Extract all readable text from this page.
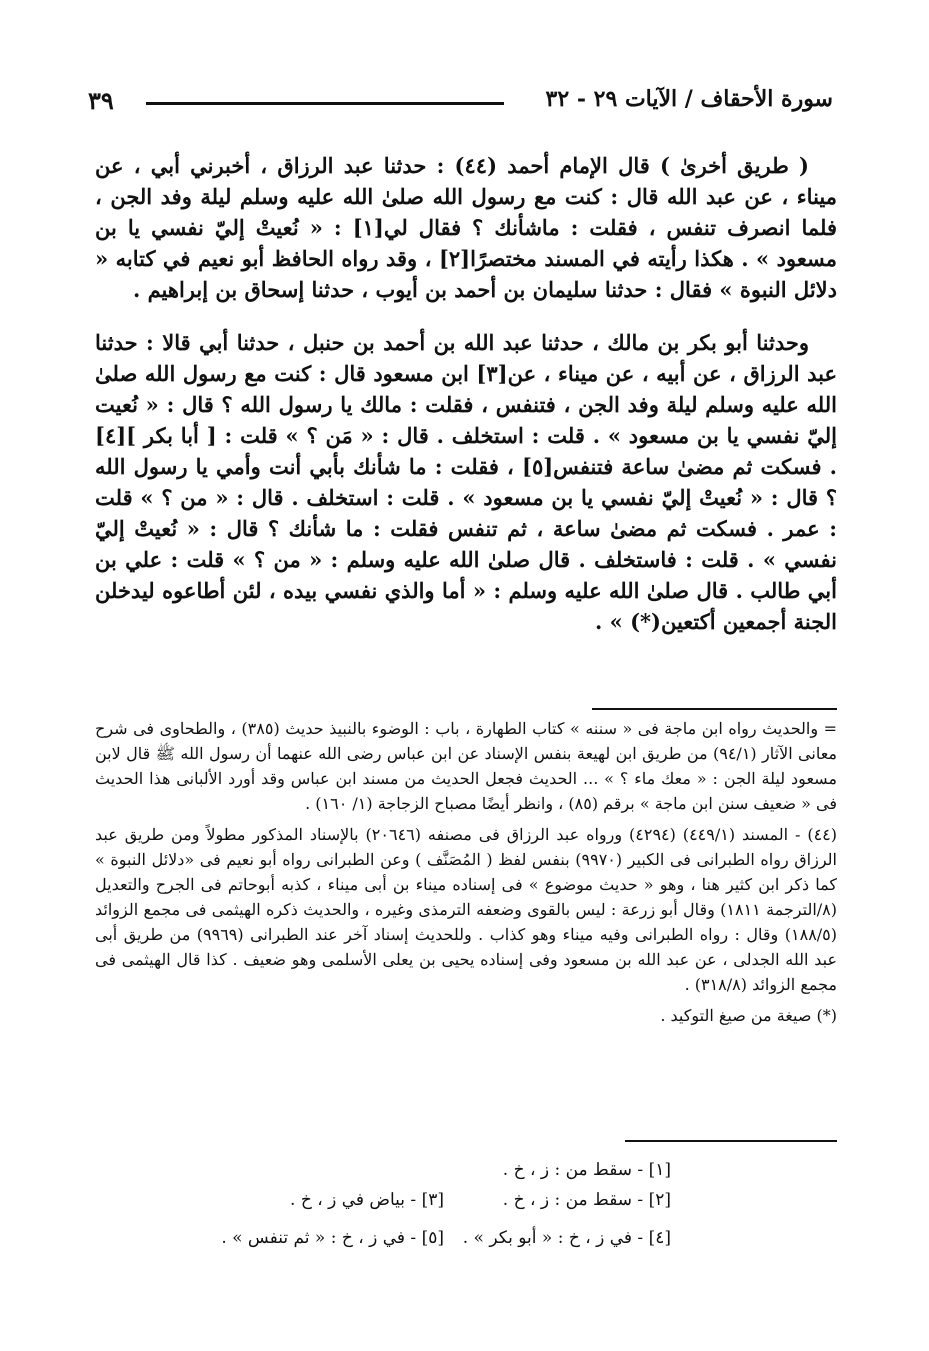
سورة الأحقاف / الآيات ٢٩ - ٣٢
٣٩

( طريق أخرىٰ ) قال الإمام أحمد (٤٤) : حدثنا عبد الرزاق ، أخبرني أبي ، عن ميناء ، عن عبد الله قال : كنت مع رسول الله صلىٰ الله عليه وسلم ليلة وفد الجن ، فلما انصرف تنفس ، فقلت : ماشأنك ؟ فقال لي[١] : « نُعيتْ إليّ نفسي يا بن مسعود » . هكذا رأيته في المسند مختصرًا[٢] ، وقد رواه الحافظ أبو نعيم في كتابه « دلائل النبوة » فقال : حدثنا سليمان بن أحمد بن أيوب ، حدثنا إسحاق بن إبراهيم .

وحدثنا أبو بكر بن مالك ، حدثنا عبد الله بن أحمد بن حنبل ، حدثنا أبي قالا : حدثنا عبد الرزاق ، عن أبيه ، عن ميناء ، عن[٣] ابن مسعود قال : كنت مع رسول الله صلىٰ الله عليه وسلم ليلة وفد الجن ، فتنفس ، فقلت : مالك يا رسول الله ؟ قال : « نُعيت إليّ نفسي يا بن مسعود » . قلت : استخلف . قال : « مَن ؟ » قلت : [ أبا بكر ][٤] . فسكت ثم مضىٰ ساعة فتنفس[٥] ، فقلت : ما شأنك بأبي أنت وأمي يا رسول الله ؟ قال : « نُعيتْ إليّ نفسي يا بن مسعود » . قلت : استخلف . قال : « من ؟ » قلت : عمر . فسكت ثم مضىٰ ساعة ، ثم تنفس فقلت : ما شأنك ؟ قال : « نُعيتْ إليّ نفسي » . قلت : فاستخلف . قال صلىٰ الله عليه وسلم : « من ؟ » قلت : علي بن أبي طالب . قال صلىٰ الله عليه وسلم : « أما والذي نفسي بيده ، لئن أطاعوه ليدخلن الجنة أجمعين أكتعين(*) » .

= والحديث رواه ابن ماجة فى « سننه » كتاب الطهارة ، باب : الوضوء بالنبيذ حديث (٣٨٥) ، والطحاوى فى شرح معانى الآثار (٩٤/١) من طريق ابن لهيعة بنفس الإسناد عن ابن عباس رضى الله عنهما أن رسول الله ﷺ قال لابن مسعود ليلة الجن : « معك ماء ؟ » ... الحديث فجعل الحديث من مسند ابن عباس وقد أورد الألبانى هذا الحديث فى « ضعيف سنن ابن ماجة » برقم (٨٥) ، وانظر أيضًا مصباح الزجاجة (١/ ١٦٠) .

(٤٤) - المسند (٤٤٩/١) (٤٢٩٤) ورواه عبد الرزاق فى مصنفه (٢٠٦٤٦) بالإسناد المذكور مطولاً ومن طريق عبد الرزاق رواه الطبرانى فى الكبير (٩٩٧٠) بنفس لفظ ( المُصَنَّف ) وعن الطبرانى رواه أبو نعيم فى «دلائل النبوة » كما ذكر ابن كثير هنا ، وهو « حديث موضوع » فى إسناده ميناء بن أبى ميناء ، كذبه أبوحاتم فى الجرح والتعديل (٨/الترجمة ١٨١١) وقال أبو زرعة : ليس بالقوى وضعفه الترمذى وغيره ، والحديث ذكره الهيثمى فى مجمع الزوائد (١٨٨/٥) وقال : رواه الطبرانى وفيه ميناء وهو كذاب . وللحديث إسناد آخر عند الطبرانى (٩٩٦٩) من طريق أبى عبد الله الجدلى ، عن عبد الله بن مسعود وفى إسناده يحيى بن يعلى الأسلمى وهو ضعيف . كذا قال الهيثمى فى مجمع الزوائد (٣١٨/٨) .

(*) صيغة من صيغ التوكيد .

[١] - سقط من : ز ، خ .
[٢] - سقط من : ز ، خ .
[٣] - بياض في ز ، خ .
[٤] - في ز ، خ : « أبو بكر » .
[٥] - في ز ، خ : « ثم تنفس » .
